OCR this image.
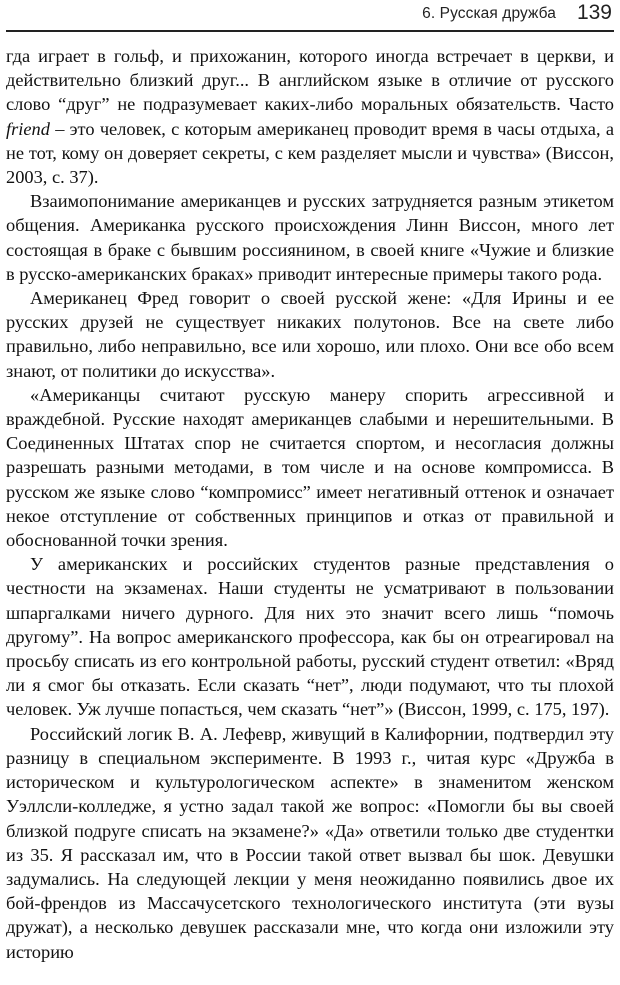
6. Русская дружба 139

гда играет в гольф, и прихожанин, которого иногда встречает в церкви, и действительно близкий друг... В английском языке в отличие от русского слово “друг” не подразумевает каких-либо моральных обязательств. Часто friend – это человек, с которым американец проводит время в часы отдыха, а не тот, кому он доверяет секреты, с кем разделяет мысли и чувства» (Виссон, 2003, с. 37).

Взаимопонимание американцев и русских затрудняется разным этикетом общения. Американка русского происхождения Линн Виссон, много лет состоящая в браке с бывшим россиянином, в своей книге «Чужие и близкие в русско-американских браках» приводит интересные примеры такого рода.

Американец Фред говорит о своей русской жене: «Для Ирины и ее русских друзей не существует никаких полутонов. Все на свете либо правильно, либо неправильно, все или хорошо, или плохо. Они все обо всем знают, от политики до искусства».

«Американцы считают русскую манеру спорить агрессивной и враждебной. Русские находят американцев слабыми и нерешительными. В Соединенных Штатах спор не считается спортом, и несогласия должны разрешать разными методами, в том числе и на основе компромисса. В русском же языке слово “компромисс” имеет негативный оттенок и означает некое отступление от собственных принципов и отказ от правильной и обоснованной точки зрения.

У американских и российских студентов разные представления о честности на экзаменах. Наши студенты не усматривают в пользовании шпаргалками ничего дурного. Для них это значит всего лишь “помочь другому”. На вопрос американского профессора, как бы он отреагировал на просьбу списать из его контрольной работы, русский студент ответил: «Вряд ли я смог бы отказать. Если сказать “нет”, люди подумают, что ты плохой человек. Уж лучше попасться, чем сказать “нет”» (Виссон, 1999, с. 175, 197).

Российский логик В. А. Лефевр, живущий в Калифорнии, подтвердил эту разницу в специальном эксперименте. В 1993 г., читая курс «Дружба в историческом и культурологическом аспекте» в знаменитом женском Уэллсли-колледже, я устно задал такой же вопрос: «Помогли бы вы своей близкой подруге списать на экзамене?» «Да» ответили только две студентки из 35. Я рассказал им, что в России такой ответ вызвал бы шок. Девушки задумались. На следующей лекции у меня неожиданно появились двое их бой-френдов из Массачусетского технологического института (эти вузы дружат), а несколько девушек рассказали мне, что когда они изложили эту историю
